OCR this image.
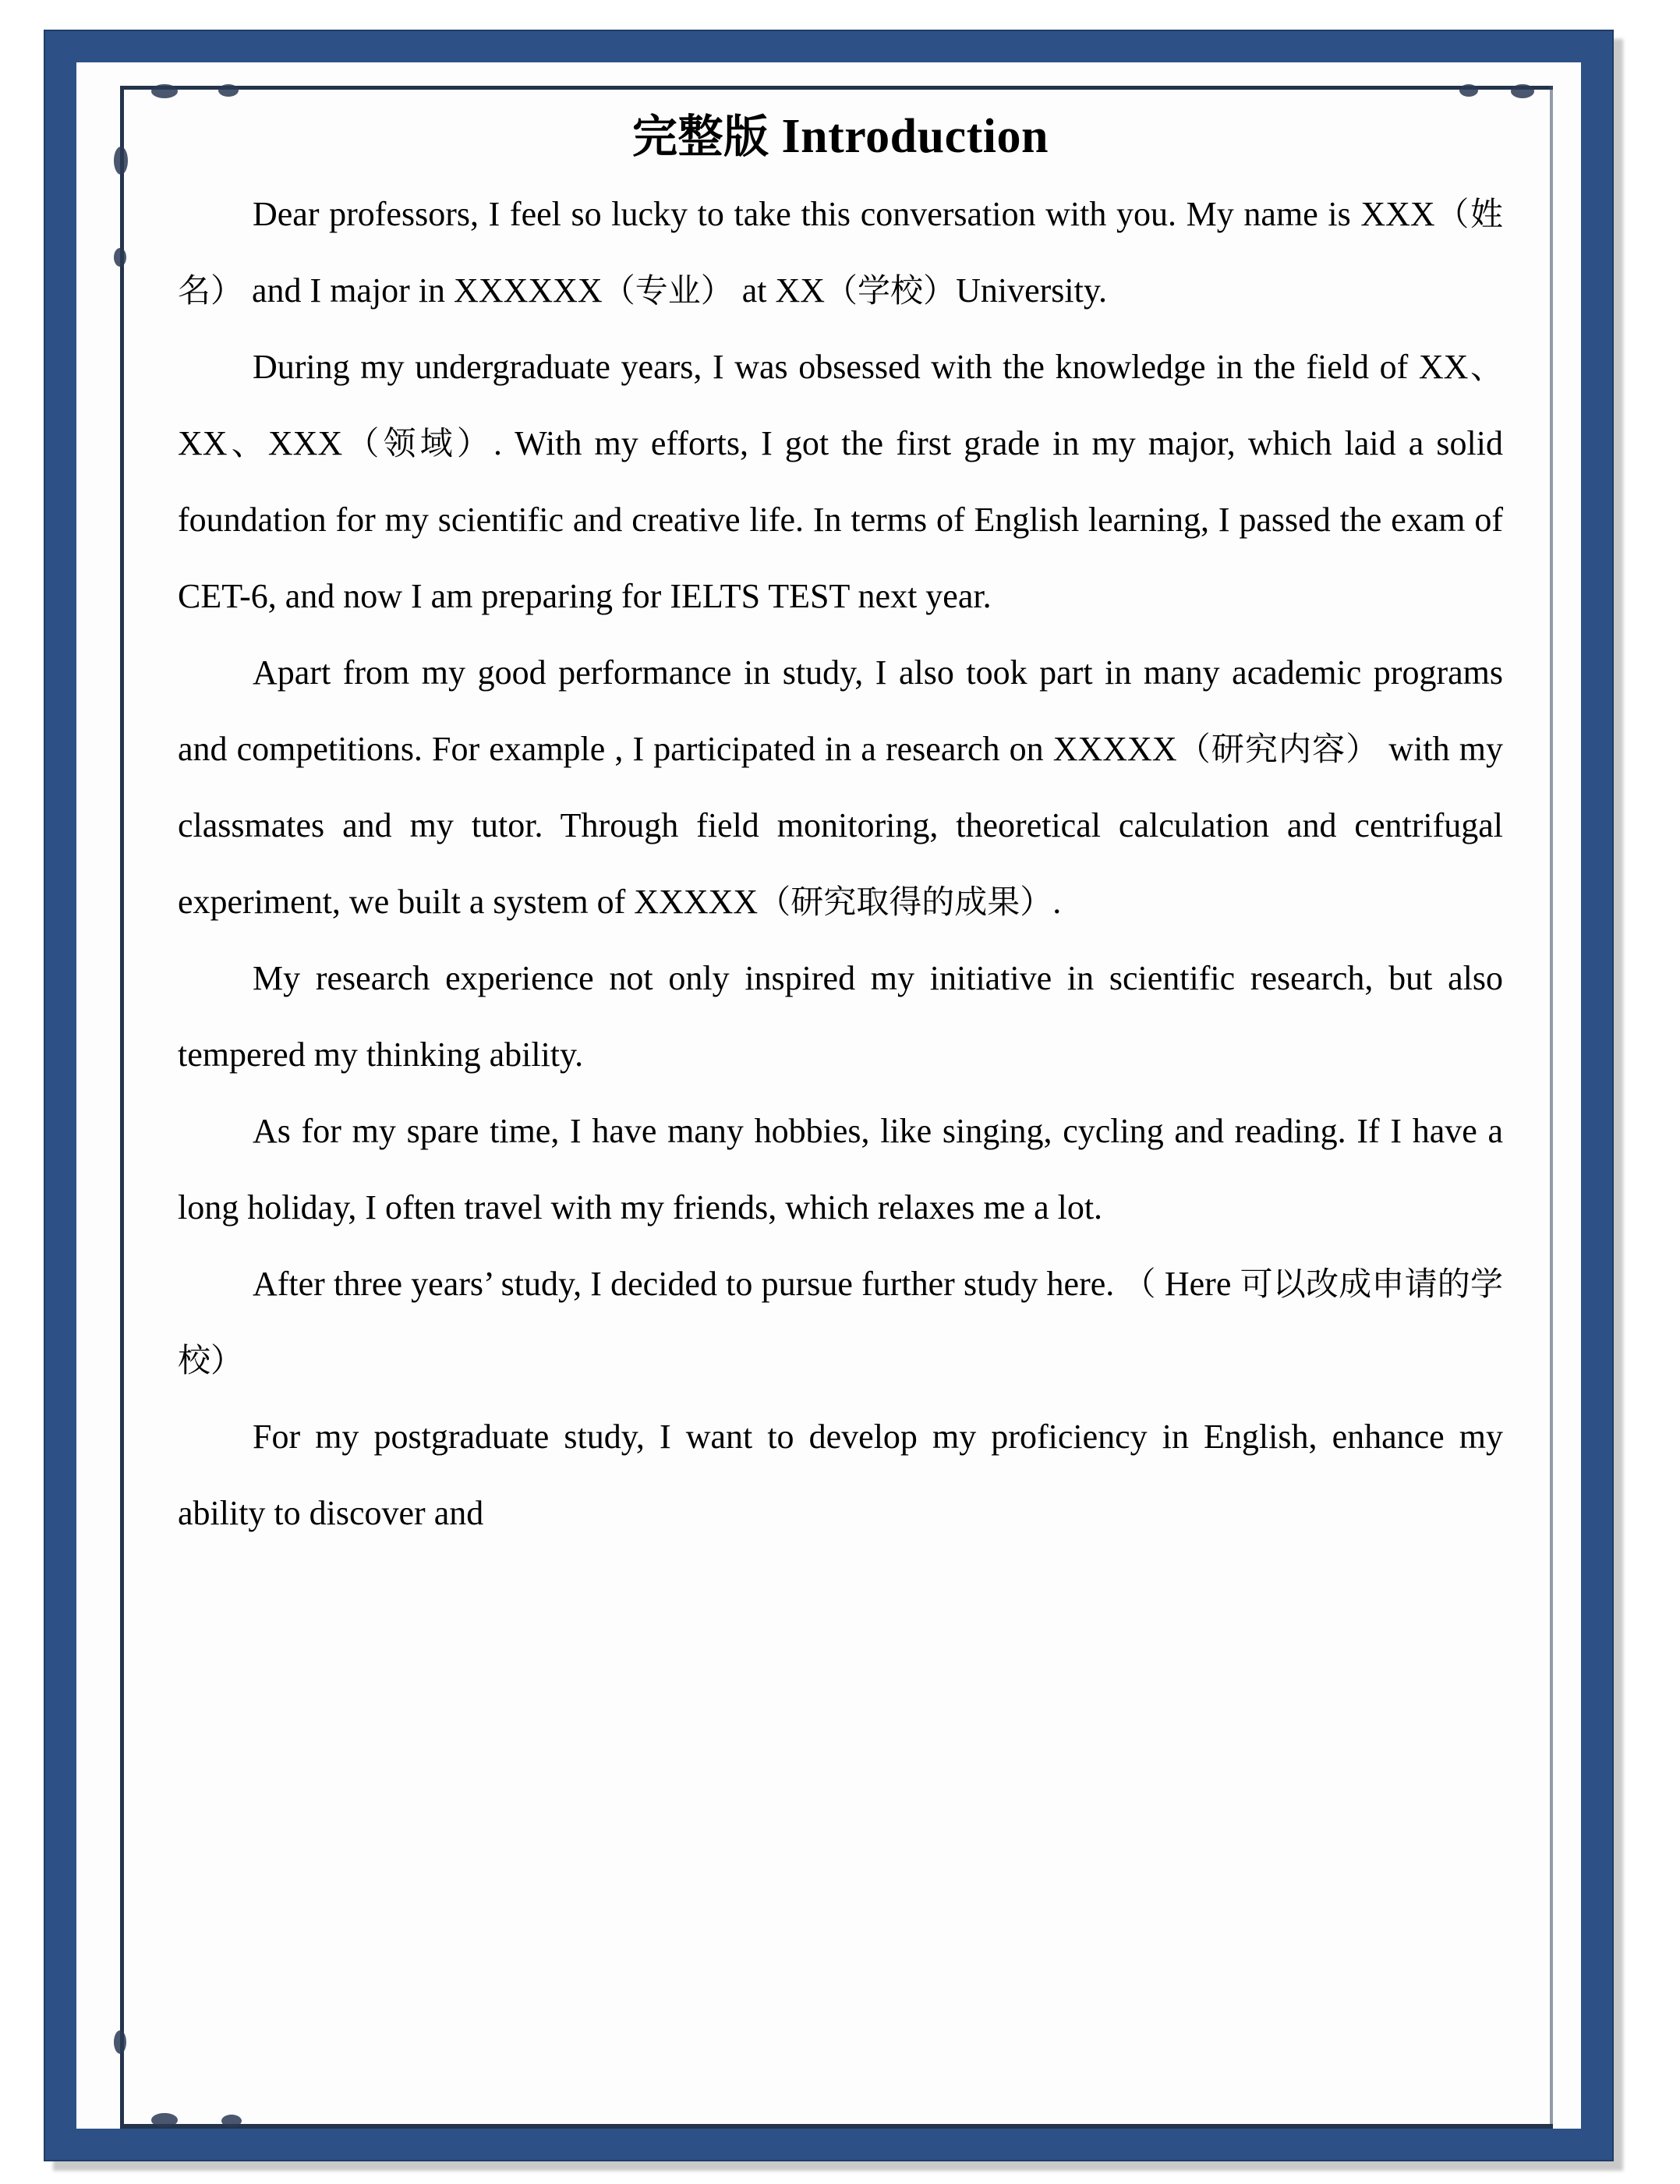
完整版 Introduction

Dear professors, I feel so lucky to take this conversation with you. My name is XXX（姓名） and I major in XXXXXX（专业） at XX（学校）University.

During my undergraduate years, I was obsessed with the knowledge in the field of XX、XX、XXX（领域）. With my efforts, I got the first grade in my major, which laid a solid foundation for my scientific and creative life. In terms of English learning, I passed the exam of CET-6, and now I am preparing for IELTS TEST next year.

Apart from my good performance in study, I also took part in many academic programs and competitions. For example , I participated in a research on XXXXX（研究内容） with my classmates and my tutor. Through field monitoring, theoretical calculation and centrifugal experiment, we built a system of XXXXX（研究取得的成果）.

My research experience not only inspired my initiative in scientific research, but also tempered my thinking ability.

As for my spare time, I have many hobbies, like singing, cycling and reading. If I have a long holiday, I often travel with my friends, which relaxes me a lot.

After three years’ study, I decided to pursue further study here. （ Here 可以改成申请的学校）

For my postgraduate study, I want to develop my proficiency in English, enhance my ability to discover and
